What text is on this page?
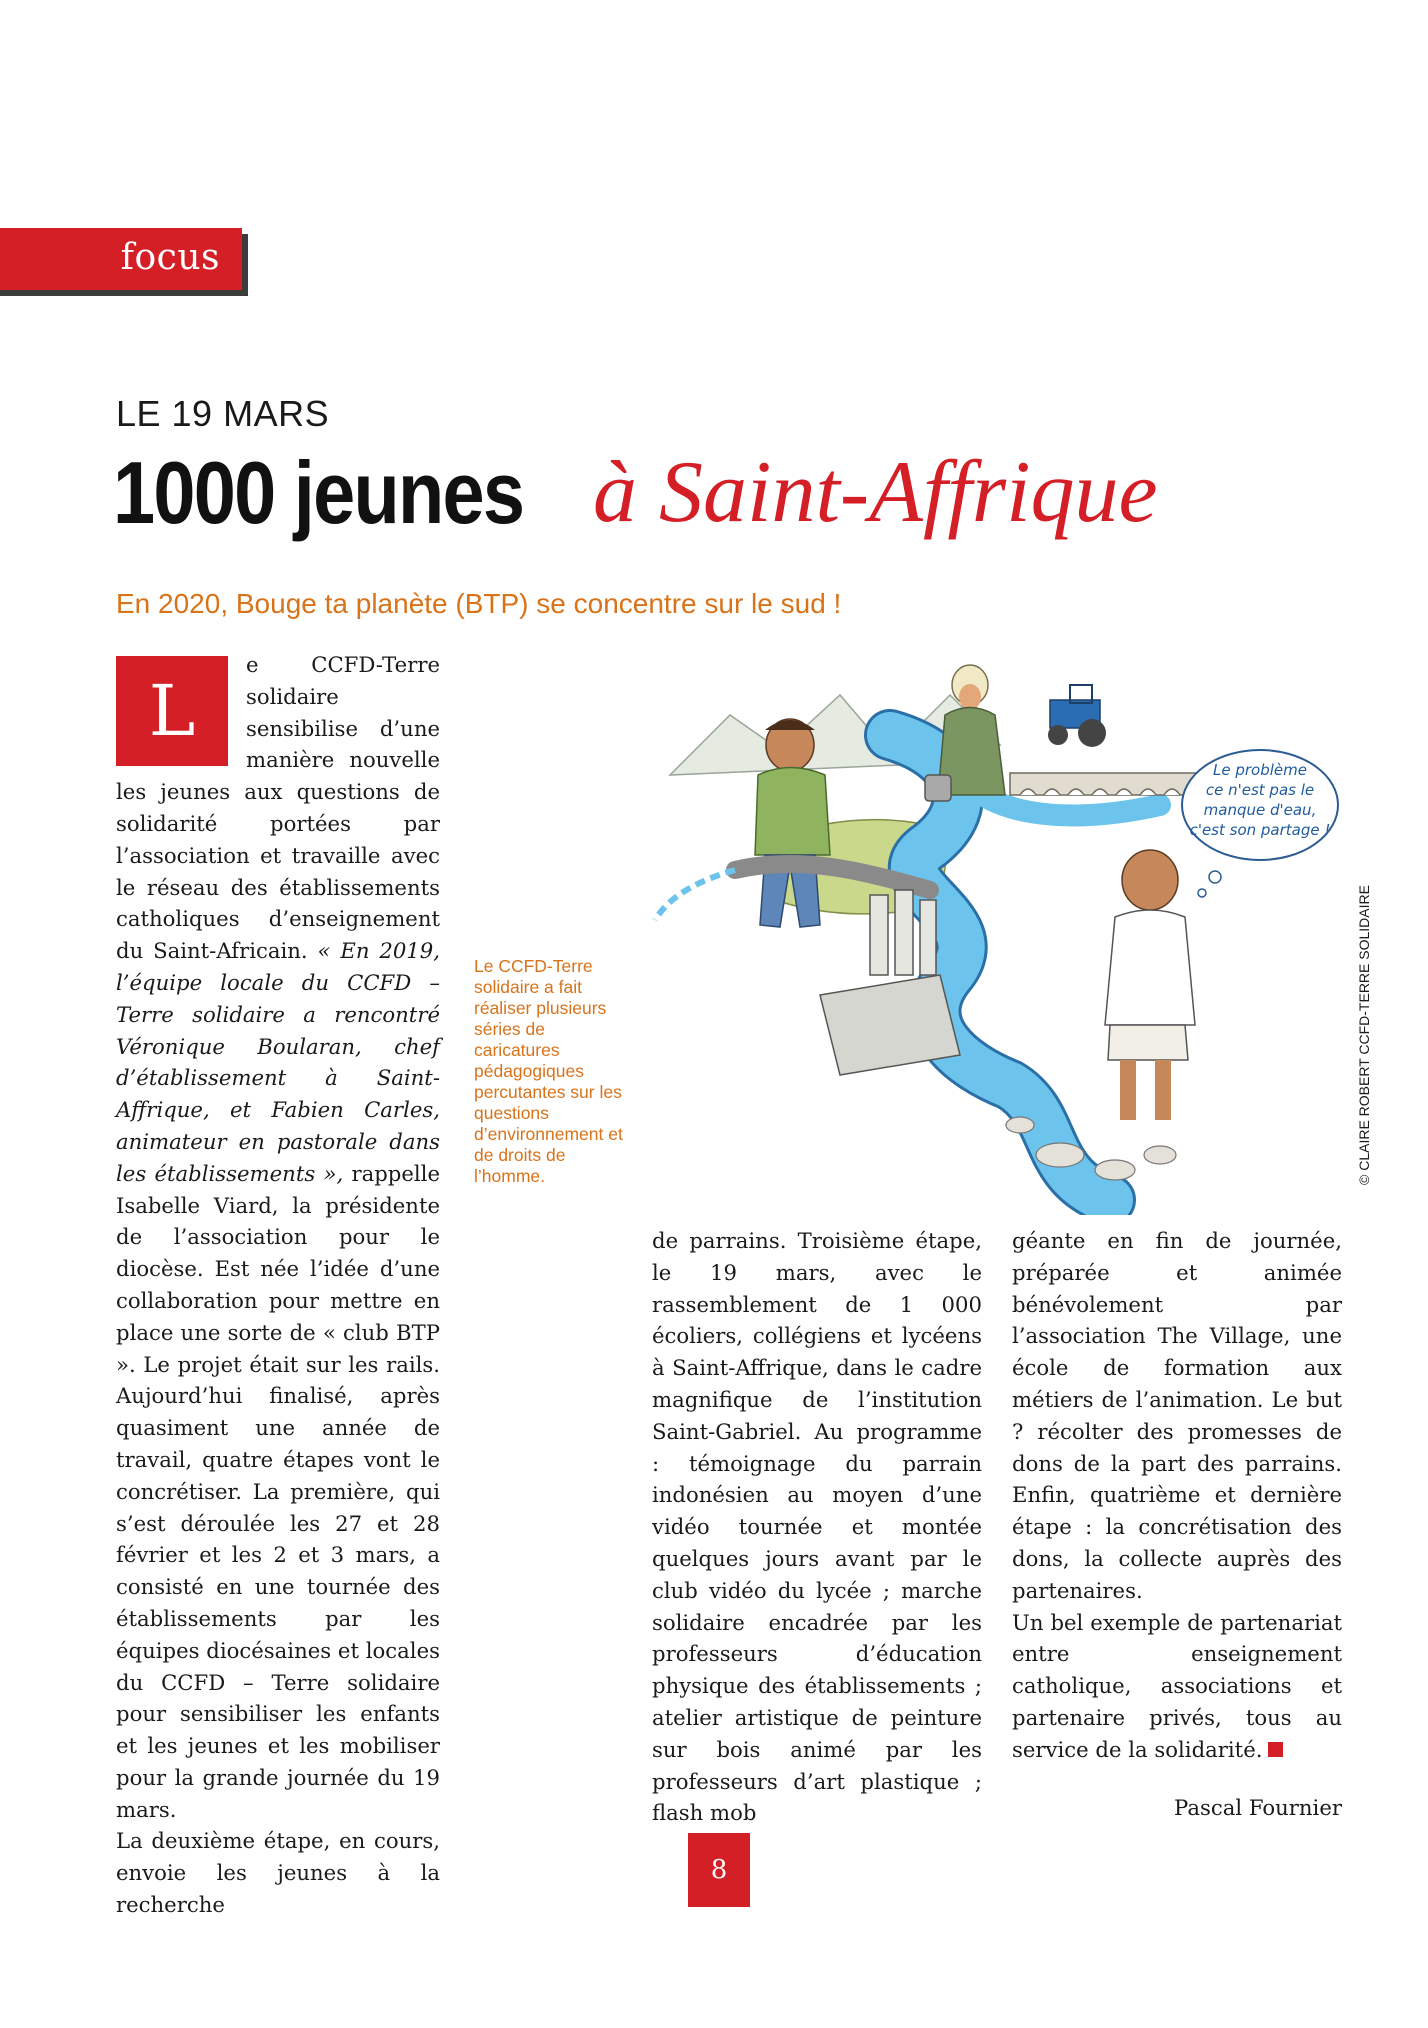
focus
LE 19 MARS
1000 jeunes à Saint-Affrique
En 2020, Bouge ta planète (BTP) se concentre sur le sud !

L
e CCFD-Terre solidaire sensibilise d’une manière nouvelle les jeunes aux questions de solidarité portées par l’association et travaille avec le réseau des établissements catholiques d’enseignement du Saint-Africain. « En 2019, l’équipe locale du CCFD – Terre solidaire a rencontré Véronique Boularan, chef d’établissement à Saint-Affrique, et Fabien Carles, animateur en pastorale dans les établissements », rappelle Isabelle Viard, la présidente de l’association pour le diocèse. Est née l’idée d’une collaboration pour mettre en place une sorte de « club BTP ». Le projet était sur les rails. Aujourd’hui finalisé, après quasiment une année de travail, quatre étapes vont le concrétiser. La première, qui s’est déroulée les 27 et 28 février et les 2 et 3 mars, a consisté en une tournée des établissements par les équipes diocésaines et locales du CCFD – Terre solidaire pour sensibiliser les enfants et les jeunes et les mobiliser pour la grande journée du 19 mars.

La deuxième étape, en cours, envoie les jeunes à la recherche

Le CCFD-Terre solidaire a fait réaliser plusieurs séries de caricatures pédagogiques percutantes sur les questions d’environnement et de droits de l’homme.
Le problème
ce n'est pas le
manque d'eau,
c'est son partage !
© CLAIRE ROBERT CCFD-TERRE SOLIDAIRE

de parrains. Troisième étape, le 19 mars, avec le rassemblement de 1 000 écoliers, collégiens et lycéens à Saint-Affrique, dans le cadre magnifique de l’institution Saint-Gabriel. Au programme : témoignage du parrain indonésien au moyen d’une vidéo tournée et montée quelques jours avant par le club vidéo du lycée ; marche solidaire encadrée par les professeurs d’éducation physique des établissements ; atelier artistique de peinture sur bois animé par les professeurs d’art plastique ; flash mob

géante en fin de journée, préparée et animée bénévolement par l’association The Village, une école de formation aux métiers de l’animation. Le but ? récolter des promesses de dons de la part des parrains. Enfin, quatrième et dernière étape : la concrétisation des dons, la collecte auprès des partenaires.

Un bel exemple de partenariat entre enseignement catholique, associations et partenaire privés, tous au service de la solidarité.

Pascal Fournier

8
